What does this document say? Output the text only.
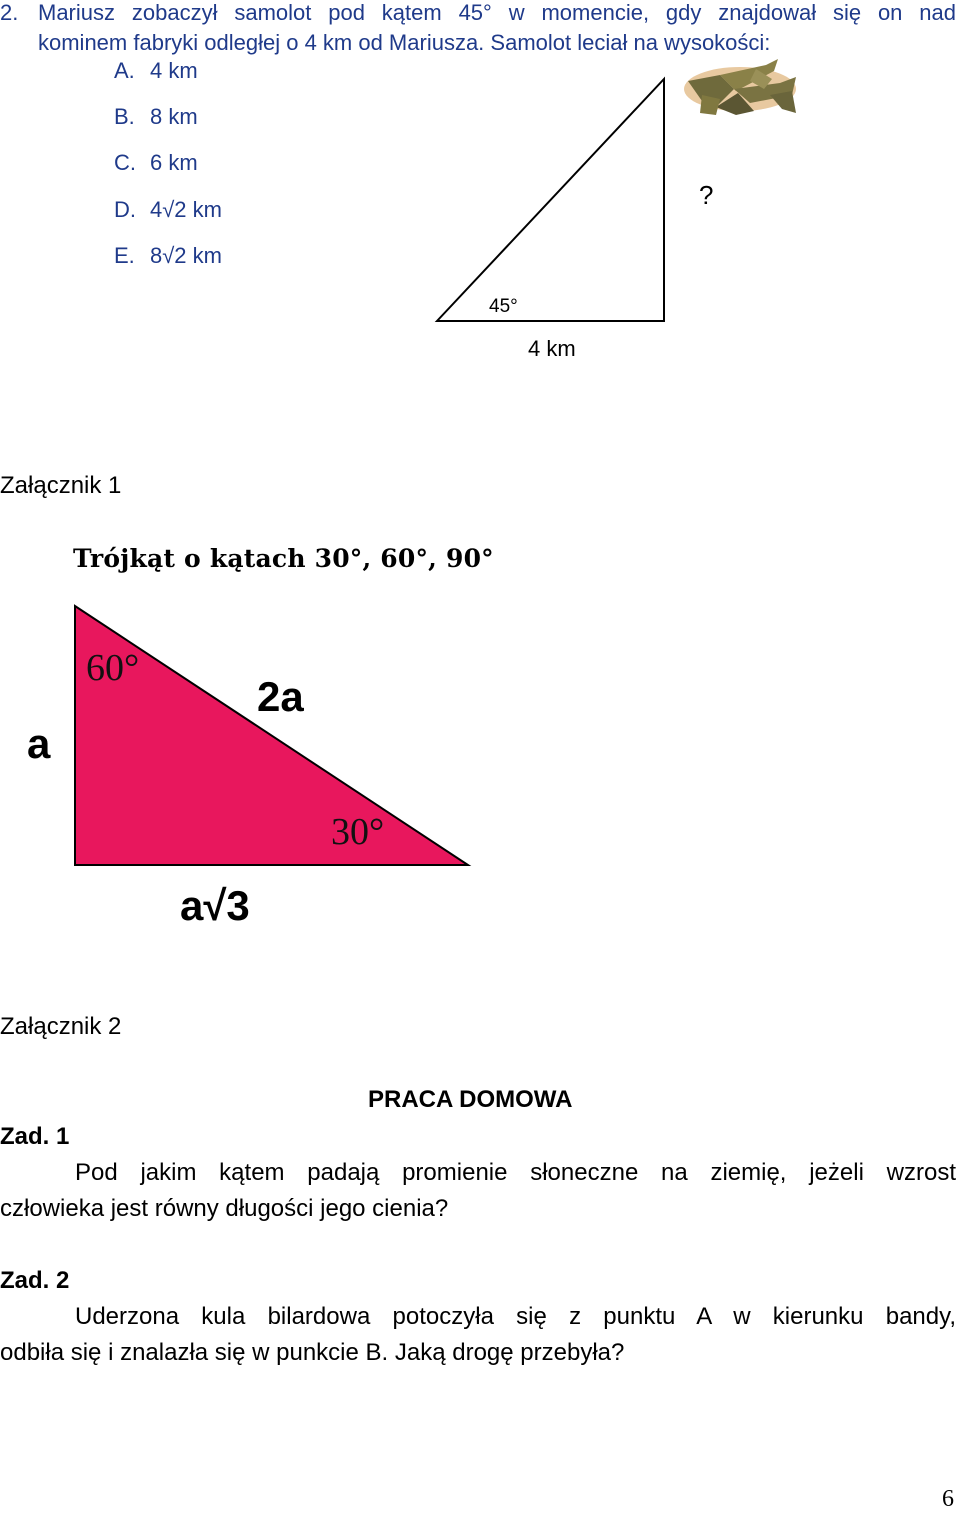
2. Mariusz zobaczył samolot pod kątem 45° w momencie, gdy znajdował się on nad
kominem fabryki odległej o 4 km od Mariusza. Samolot leciał na wysokości:
A. 4 km
B. 8 km
C. 6 km
D. 4√2 km
E. 8√2 km
45°
4 km
?
Załącznik 1
Trójkąt o kątach 30°, 60°, 90°
a
2a
60°
30°
a√3
Załącznik 2
PRACA DOMOWA
Zad. 1
Pod jakim kątem padają promienie słoneczne na ziemię, jeżeli wzrost
człowieka jest równy długości jego cienia?
Zad. 2
Uderzona kula bilardowa potoczyła się z punktu A w kierunku bandy,
odbiła się i znalazła się w punkcie B. Jaką drogę przebyła?
6
